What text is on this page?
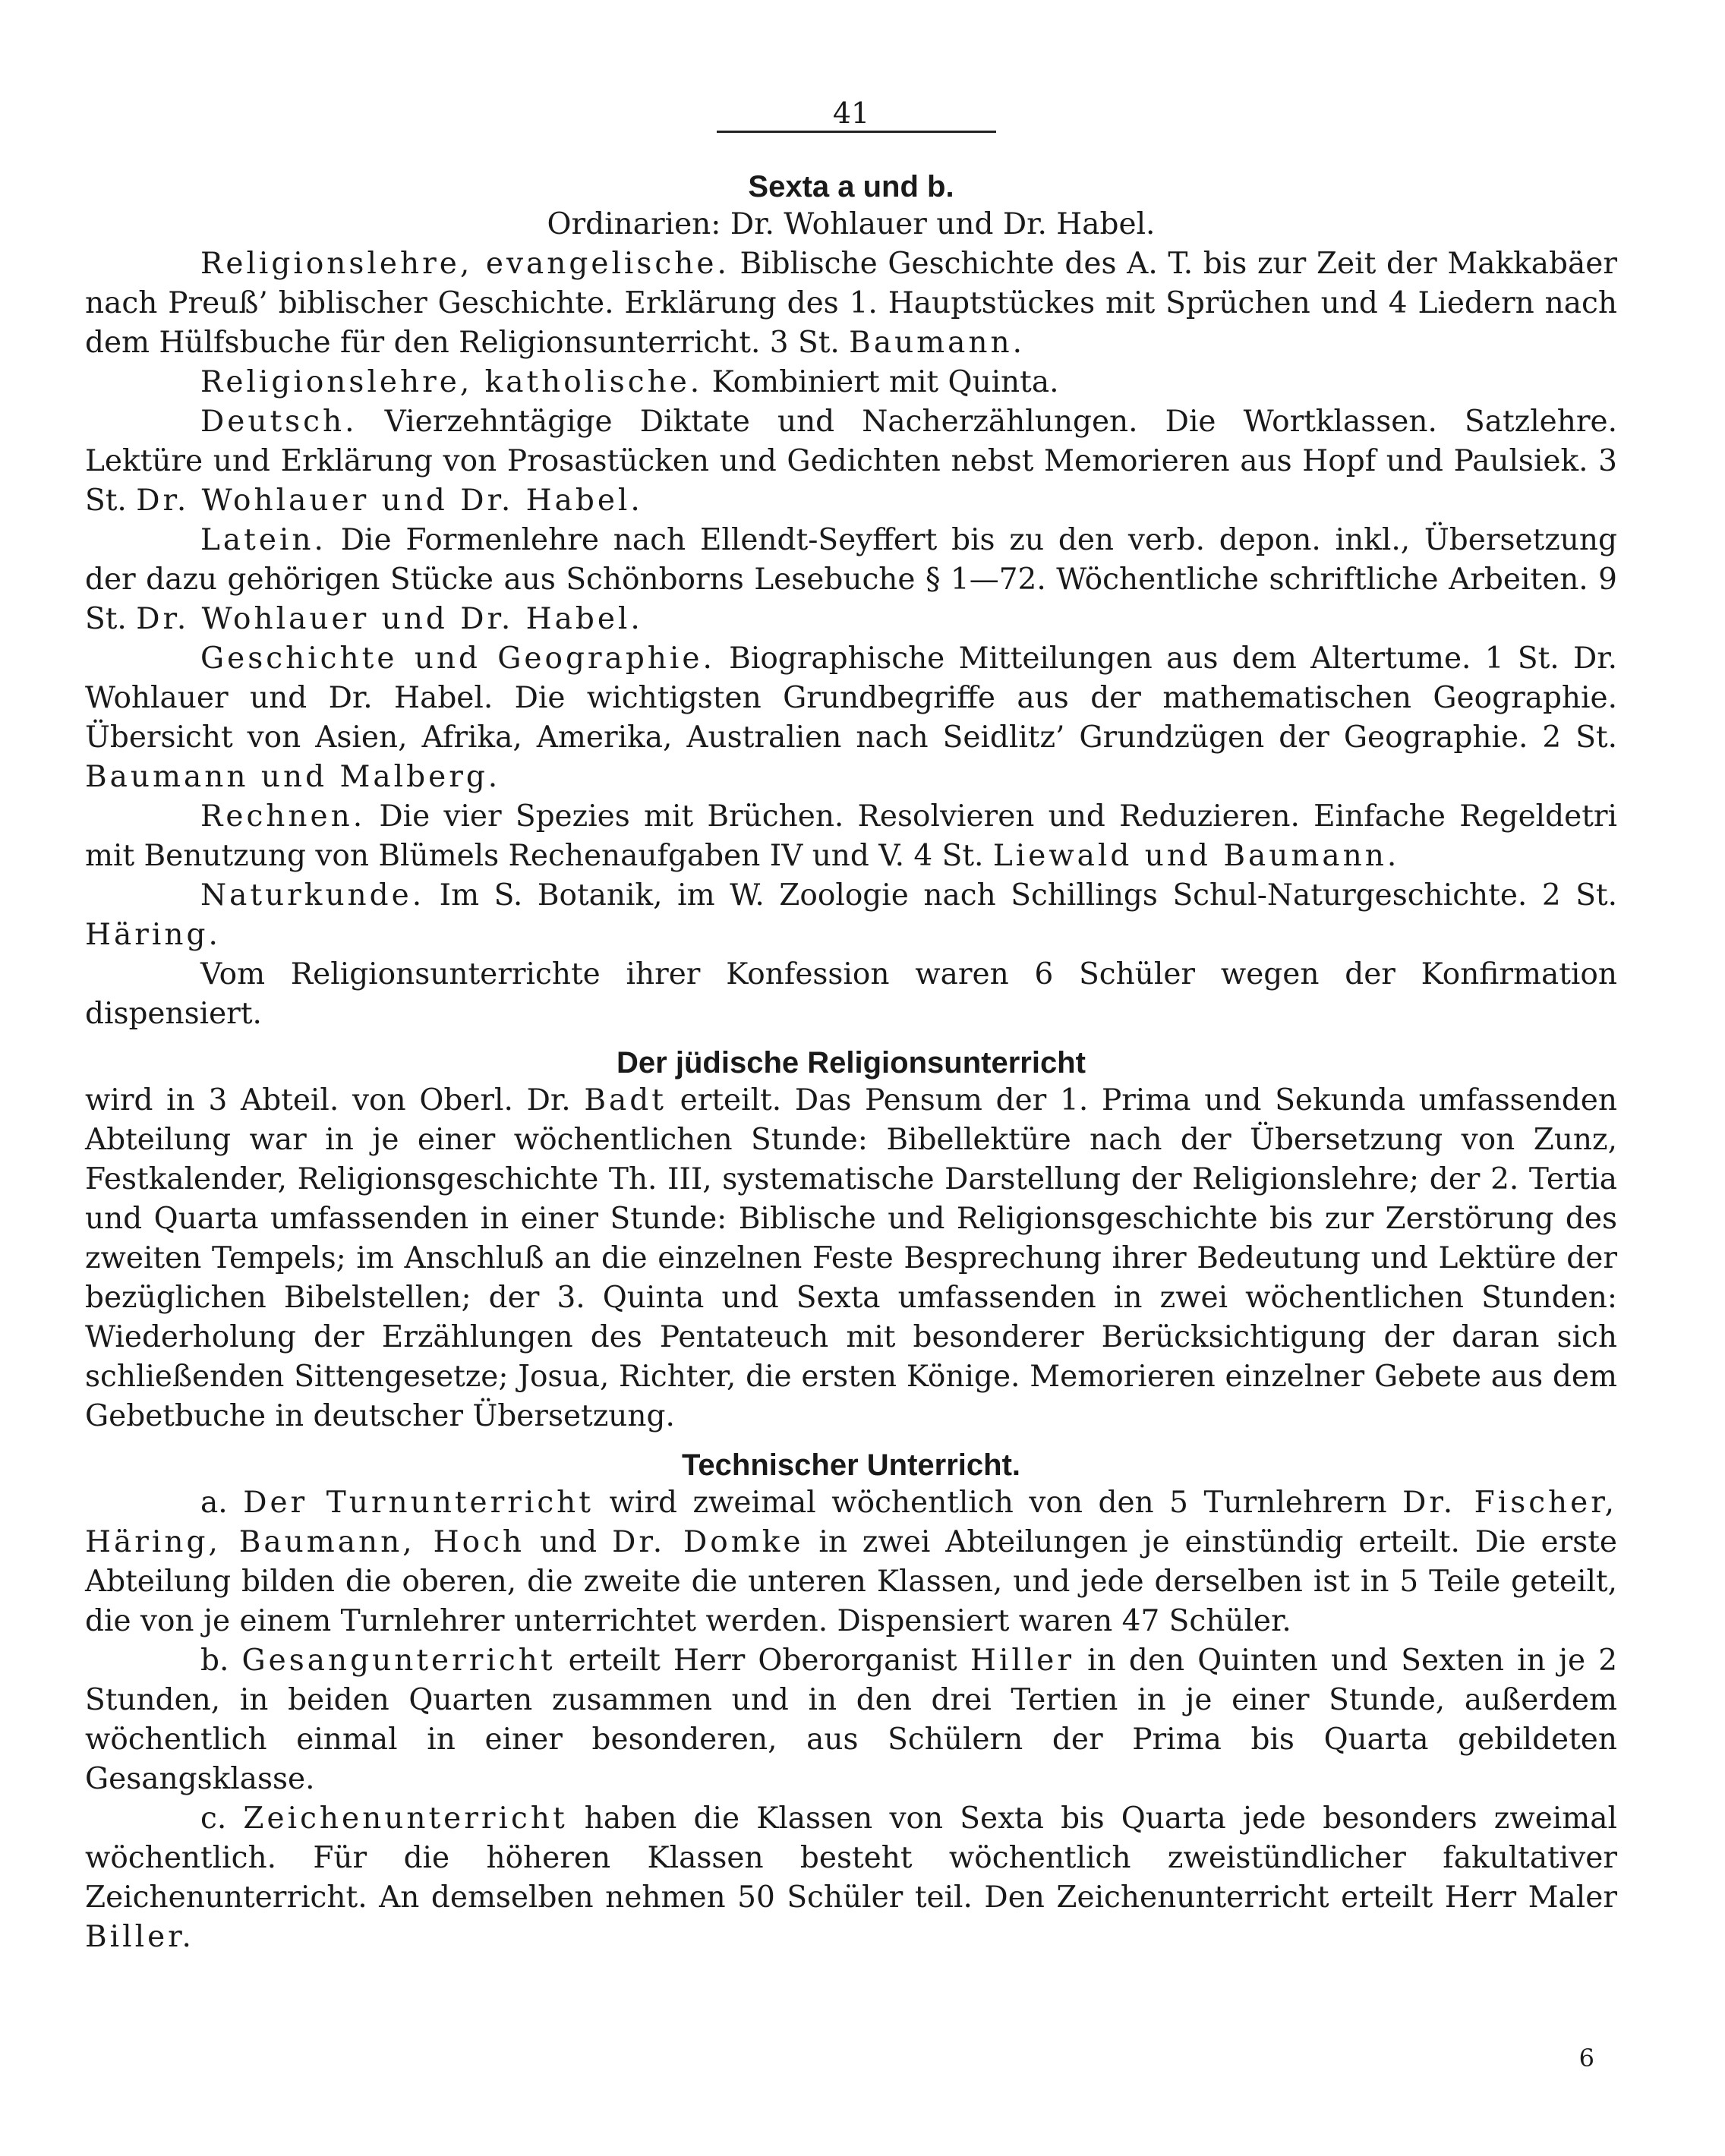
41
Sexta a und b.
Ordinarien: Dr. Wohlauer und Dr. Habel.

Religionslehre, evangelische. Biblische Geschichte des A. T. bis zur Zeit der Makkabäer nach Preuß’ biblischer Geschichte. Erklärung des 1. Hauptstückes mit Sprüchen und 4 Liedern nach dem Hülfsbuche für den Religionsunterricht. 3 St. Baumann.

Religionslehre, katholische. Kombiniert mit Quinta.

Deutsch. Vierzehntägige Diktate und Nacherzählungen. Die Wortklassen. Satzlehre. Lektüre und Erklärung von Prosastücken und Gedichten nebst Memorieren aus Hopf und Paulsiek. 3 St. Dr. Wohlauer und Dr. Habel.

Latein. Die Formenlehre nach Ellendt-Seyffert bis zu den verb. depon. inkl., Übersetzung der dazu gehörigen Stücke aus Schönborns Lesebuche § 1—72. Wöchentliche schriftliche Arbeiten. 9 St. Dr. Wohlauer und Dr. Habel.

Geschichte und Geographie. Biographische Mitteilungen aus dem Altertume. 1 St. Dr. Wohlauer und Dr. Habel. Die wichtigsten Grundbegriffe aus der mathematischen Geographie. Übersicht von Asien, Afrika, Amerika, Australien nach Seidlitz’ Grundzügen der Geographie. 2 St. Baumann und Malberg.

Rechnen. Die vier Spezies mit Brüchen. Resolvieren und Reduzieren. Einfache Regeldetri mit Benutzung von Blümels Rechenaufgaben IV und V. 4 St. Liewald und Baumann.

Naturkunde. Im S. Botanik, im W. Zoologie nach Schillings Schul-Naturgeschichte. 2 St. Häring.

Vom Religionsunterrichte ihrer Konfession waren 6 Schüler wegen der Konfirmation dispensiert.

Der jüdische Religionsunterricht

wird in 3 Abteil. von Oberl. Dr. Badt erteilt. Das Pensum der 1. Prima und Sekunda umfassenden Abteilung war in je einer wöchentlichen Stunde: Bibellektüre nach der Übersetzung von Zunz, Festkalender, Religionsgeschichte Th. III, systematische Darstellung der Religionslehre; der 2. Tertia und Quarta umfassenden in einer Stunde: Biblische und Religionsgeschichte bis zur Zerstörung des zweiten Tempels; im Anschluß an die einzelnen Feste Besprechung ihrer Bedeutung und Lektüre der bezüglichen Bibelstellen; der 3. Quinta und Sexta umfassenden in zwei wöchentlichen Stunden: Wiederholung der Erzählungen des Pentateuch mit besonderer Berücksichtigung der daran sich schließenden Sittengesetze; Josua, Richter, die ersten Könige. Memorieren einzelner Gebete aus dem Gebetbuche in deutscher Übersetzung.

Technischer Unterricht.

a. Der Turnunterricht wird zweimal wöchentlich von den 5 Turnlehrern Dr. Fischer, Häring, Baumann, Hoch und Dr. Domke in zwei Abteilungen je einstündig erteilt. Die erste Abteilung bilden die oberen, die zweite die unteren Klassen, und jede derselben ist in 5 Teile geteilt, die von je einem Turnlehrer unterrichtet werden. Dispensiert waren 47 Schüler.

b. Gesangunterricht erteilt Herr Oberorganist Hiller in den Quinten und Sexten in je 2 Stunden, in beiden Quarten zusammen und in den drei Tertien in je einer Stunde, außerdem wöchentlich einmal in einer besonderen, aus Schülern der Prima bis Quarta gebildeten Gesangsklasse.

c. Zeichenunterricht haben die Klassen von Sexta bis Quarta jede besonders zweimal wöchentlich. Für die höheren Klassen besteht wöchentlich zweistündlicher fakultativer Zeichenunterricht. An demselben nehmen 50 Schüler teil. Den Zeichenunterricht erteilt Herr Maler Biller.

6
